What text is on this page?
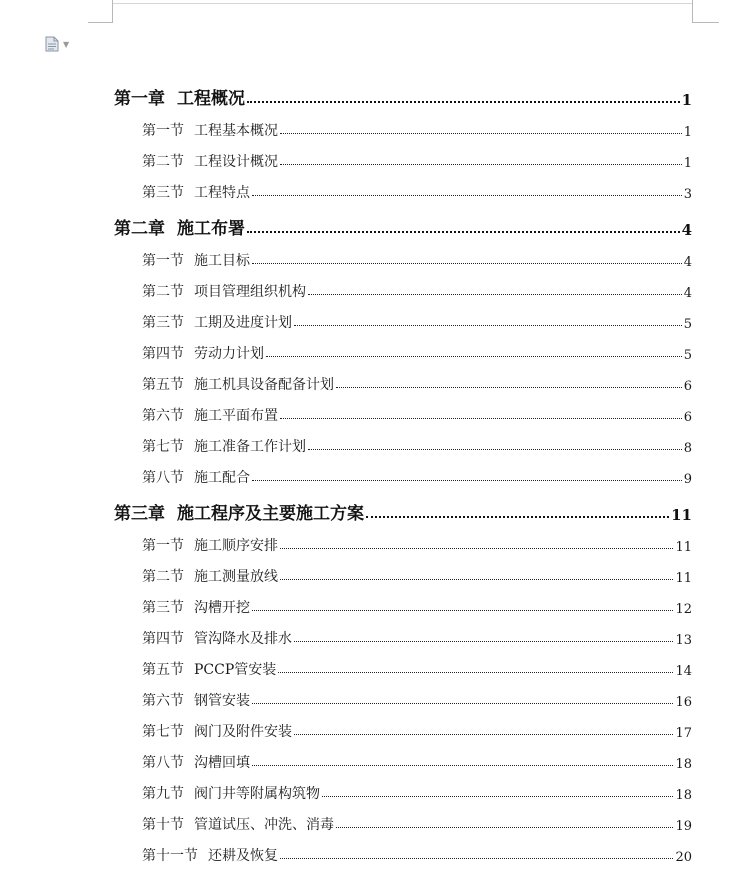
▼
第一章 工程概况	1
第一节 工程基本概况	1
第二节 工程设计概况	1
第三节 工程特点	3
第二章 施工布署	4
第一节 施工目标	4
第二节 项目管理组织机构	4
第三节 工期及进度计划	5
第四节 劳动力计划	5
第五节 施工机具设备配备计划	6
第六节 施工平面布置	6
第七节 施工准备工作计划	8
第八节 施工配合	9
第三章 施工程序及主要施工方案	11
第一节 施工顺序安排	11
第二节 施工测量放线	11
第三节 沟槽开挖	12
第四节 管沟降水及排水	13
第五节 PCCP管安装	14
第六节 钢管安装	16
第七节 阀门及附件安装	17
第八节 沟槽回填	18
第九节 阀门井等附属构筑物	18
第十节 管道试压、冲洗、消毒	19
第十一节 还耕及恢复	20
